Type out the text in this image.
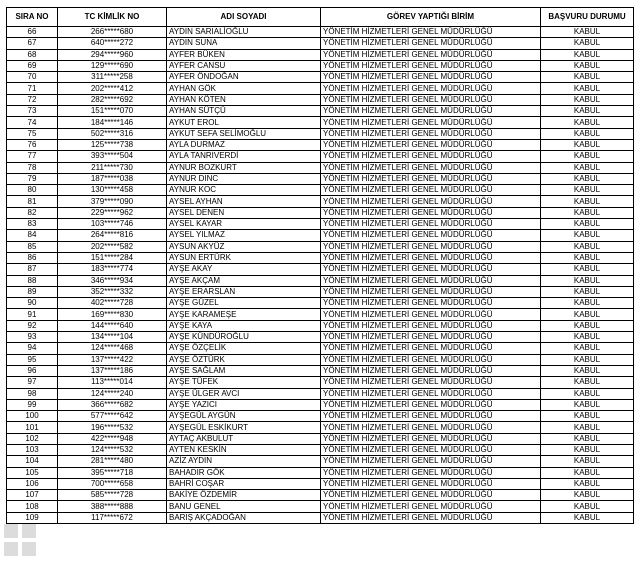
SIRA NO	TC KİMLİK NO	ADI SOYADI	GÖREV YAPTIĞI BİRİM	BAŞVURU DURUMU
66	266*****680	AYDIN SARIALİOĞLU	YÖNETİM HİZMETLERİ GENEL MÜDÜRLÜĞÜ	KABUL
67	640*****272	AYDIN SUNA	YÖNETİM HİZMETLERİ GENEL MÜDÜRLÜĞÜ	KABUL
68	294*****960	AYFER BÜKEN	YÖNETİM HİZMETLERİ GENEL MÜDÜRLÜĞÜ	KABUL
69	129*****690	AYFER CANSU	YÖNETİM HİZMETLERİ GENEL MÜDÜRLÜĞÜ	KABUL
70	311*****258	AYFER ÖNDOĞAN	YÖNETİM HİZMETLERİ GENEL MÜDÜRLÜĞÜ	KABUL
71	202*****412	AYHAN GÖK	YÖNETİM HİZMETLERİ GENEL MÜDÜRLÜĞÜ	KABUL
72	282*****692	AYHAN KÖTEN	YÖNETİM HİZMETLERİ GENEL MÜDÜRLÜĞÜ	KABUL
73	151*****070	AYHAN SÜTÇÜ	YÖNETİM HİZMETLERİ GENEL MÜDÜRLÜĞÜ	KABUL
74	184*****146	AYKUT EROL	YÖNETİM HİZMETLERİ GENEL MÜDÜRLÜĞÜ	KABUL
75	502*****316	AYKUT SEFA SELİMOĞLU	YÖNETİM HİZMETLERİ GENEL MÜDÜRLÜĞÜ	KABUL
76	125*****738	AYLA DURMAZ	YÖNETİM HİZMETLERİ GENEL MÜDÜRLÜĞÜ	KABUL
77	393*****504	AYLA TANRIVERDİ	YÖNETİM HİZMETLERİ GENEL MÜDÜRLÜĞÜ	KABUL
78	211*****730	AYNUR BOZKURT	YÖNETİM HİZMETLERİ GENEL MÜDÜRLÜĞÜ	KABUL
79	187*****038	AYNUR DINC	YÖNETİM HİZMETLERİ GENEL MÜDÜRLÜĞÜ	KABUL
80	130*****458	AYNUR KOC	YÖNETİM HİZMETLERİ GENEL MÜDÜRLÜĞÜ	KABUL
81	379*****090	AYSEL AYHAN	YÖNETİM HİZMETLERİ GENEL MÜDÜRLÜĞÜ	KABUL
82	229*****962	AYSEL DENEN	YÖNETİM HİZMETLERİ GENEL MÜDÜRLÜĞÜ	KABUL
83	103*****746	AYSEL KAYAR	YÖNETİM HİZMETLERİ GENEL MÜDÜRLÜĞÜ	KABUL
84	264*****816	AYSEL YILMAZ	YÖNETİM HİZMETLERİ GENEL MÜDÜRLÜĞÜ	KABUL
85	202*****582	AYSUN AKYÜZ	YÖNETİM HİZMETLERİ GENEL MÜDÜRLÜĞÜ	KABUL
86	151*****284	AYSUN ERTÜRK	YÖNETİM HİZMETLERİ GENEL MÜDÜRLÜĞÜ	KABUL
87	183*****774	AYŞE AKAY	YÖNETİM HİZMETLERİ GENEL MÜDÜRLÜĞÜ	KABUL
88	346*****934	AYŞE AKÇAM	YÖNETİM HİZMETLERİ GENEL MÜDÜRLÜĞÜ	KABUL
89	352*****332	AYŞE ERARSLAN	YÖNETİM HİZMETLERİ GENEL MÜDÜRLÜĞÜ	KABUL
90	402*****728	AYŞE GÜZEL	YÖNETİM HİZMETLERİ GENEL MÜDÜRLÜĞÜ	KABUL
91	169*****830	AYŞE KARAMEŞE	YÖNETİM HİZMETLERİ GENEL MÜDÜRLÜĞÜ	KABUL
92	144*****640	AYŞE KAYA	YÖNETİM HİZMETLERİ GENEL MÜDÜRLÜĞÜ	KABUL
93	134*****104	AYŞE KÜNDÜROĞLU	YÖNETİM HİZMETLERİ GENEL MÜDÜRLÜĞÜ	KABUL
94	124*****468	AYŞE ÖZÇELİK	YÖNETİM HİZMETLERİ GENEL MÜDÜRLÜĞÜ	KABUL
95	137*****422	AYŞE ÖZTÜRK	YÖNETİM HİZMETLERİ GENEL MÜDÜRLÜĞÜ	KABUL
96	137*****186	AYŞE SAĞLAM	YÖNETİM HİZMETLERİ GENEL MÜDÜRLÜĞÜ	KABUL
97	113*****014	AYŞE TÜFEK	YÖNETİM HİZMETLERİ GENEL MÜDÜRLÜĞÜ	KABUL
98	124*****240	AYŞE ÜLGER AVCI	YÖNETİM HİZMETLERİ GENEL MÜDÜRLÜĞÜ	KABUL
99	366*****682	AYŞE YAZICI	YÖNETİM HİZMETLERİ GENEL MÜDÜRLÜĞÜ	KABUL
100	577*****642	AYŞEGÜL AYGÜN	YÖNETİM HİZMETLERİ GENEL MÜDÜRLÜĞÜ	KABUL
101	196*****532	AYŞEGÜL ESKİKURT	YÖNETİM HİZMETLERİ GENEL MÜDÜRLÜĞÜ	KABUL
102	422*****948	AYTAÇ AKBULUT	YÖNETİM HİZMETLERİ GENEL MÜDÜRLÜĞÜ	KABUL
103	124*****532	AYTEN KESKİN	YÖNETİM HİZMETLERİ GENEL MÜDÜRLÜĞÜ	KABUL
104	281*****480	AZİZ AYDIN	YÖNETİM HİZMETLERİ GENEL MÜDÜRLÜĞÜ	KABUL
105	395*****718	BAHADIR GÖK	YÖNETİM HİZMETLERİ GENEL MÜDÜRLÜĞÜ	KABUL
106	700*****658	BAHRİ COŞAR	YÖNETİM HİZMETLERİ GENEL MÜDÜRLÜĞÜ	KABUL
107	585*****728	BAKİYE ÖZDEMİR	YÖNETİM HİZMETLERİ GENEL MÜDÜRLÜĞÜ	KABUL
108	388*****888	BANU GENEL	YÖNETİM HİZMETLERİ GENEL MÜDÜRLÜĞÜ	KABUL
109	117*****672	BARIŞ AKÇADOĞAN	YÖNETİM HİZMETLERİ GENEL MÜDÜRLÜĞÜ	KABUL
